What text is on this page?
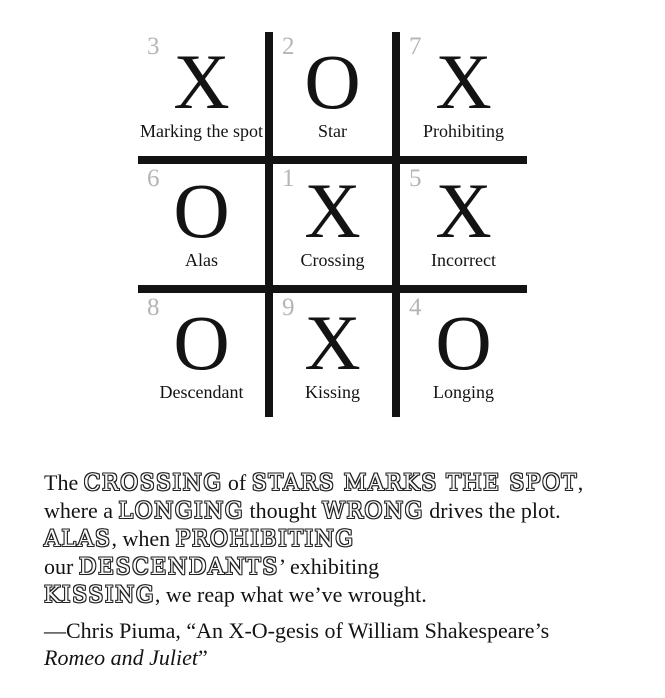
3 X
Marking the spot
2 O
Star
7 X
Prohibiting
6 O
Alas
1 X
Crossing
5 X
Incorrect
8 O
Descendant
9 X
Kissing
4 O
Longing
The CROSSING of STARS MARKS THE SPOT,
where a LONGING thought WRONG drives the plot.
ALAS, when PROHIBITING
our DESCENDANTS’ exhibiting
KISSING, we reap what we’ve wrought.
—Chris Piuma, “An X-O-gesis of William Shakespeare’s
Romeo and Juliet”
